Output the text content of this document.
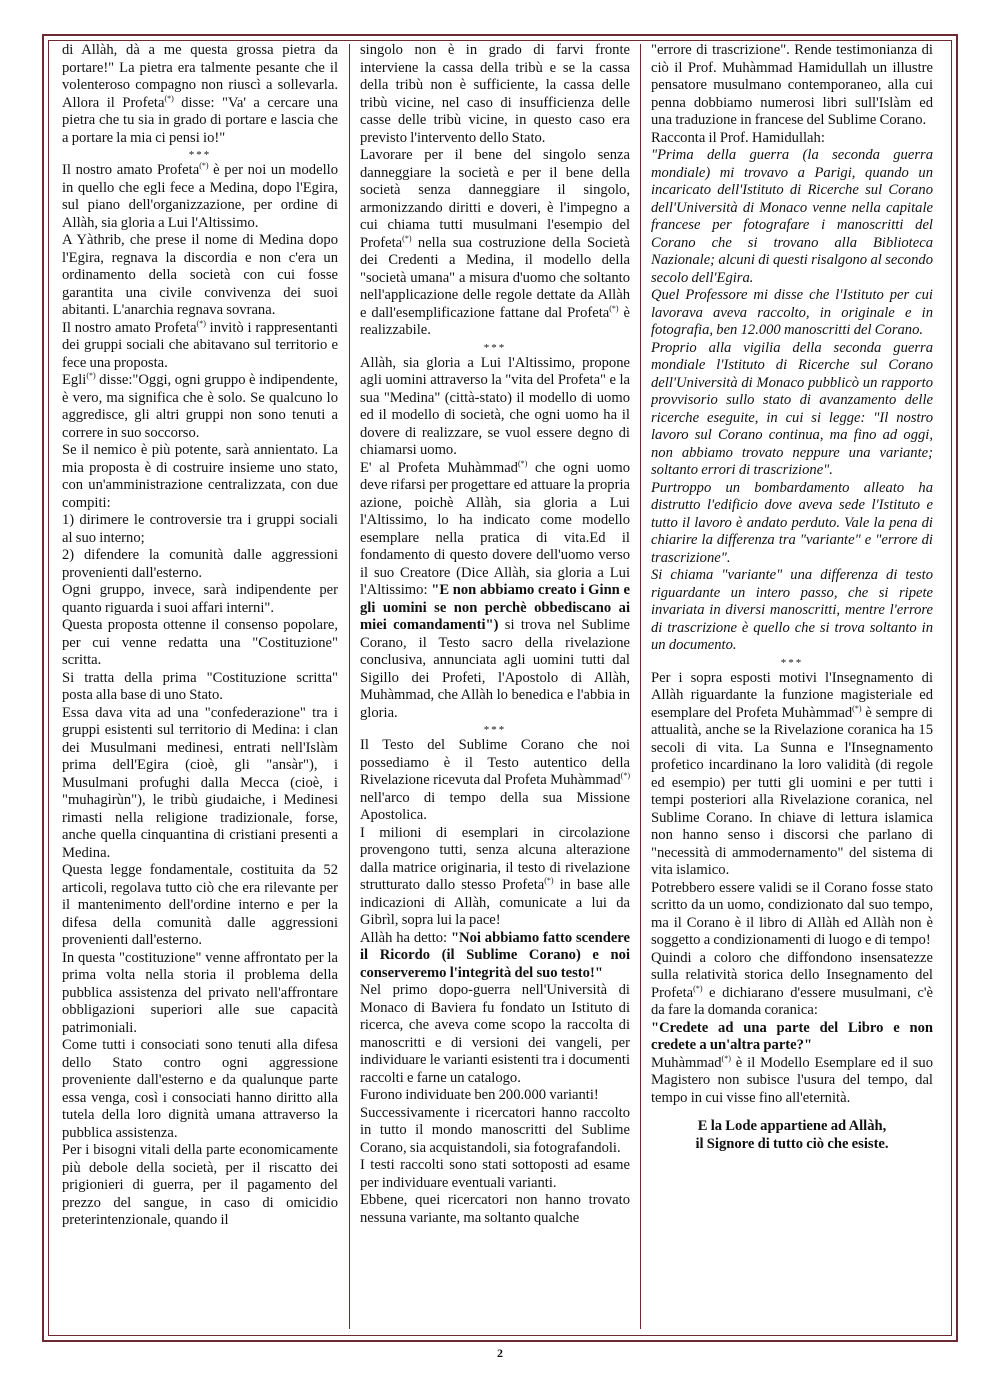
di Allàh, dà a me questa grossa pietra da portare!" La pietra era talmente pesante che il volenteroso compagno non riuscì a sollevarla. Allora il Profeta(*) disse: "Va' a cercare una pietra che tu sia in grado di portare e lascia che a portare la mia ci pensi io!"

***

Il nostro amato Profeta(*) è per noi un modello in quello che egli fece a Medina, dopo l'Egira, sul piano dell'organizzazione, per ordine di Allàh, sia gloria a Lui l'Altissimo.

A Yàthrib, che prese il nome di Medina dopo l'Egira, regnava la discordia e non c'era un ordinamento della società con cui fosse garantita una civile convivenza dei suoi abitanti. L'anarchia regnava sovrana.

Il nostro amato Profeta(*) invitò i rappresentanti dei gruppi sociali che abitavano sul territorio e fece una proposta.

Egli(*) disse:"Oggi, ogni gruppo è indipendente, è vero, ma significa che è solo. Se qualcuno lo aggredisce, gli altri gruppi non sono tenuti a correre in suo soccorso.

Se il nemico è più potente, sarà annientato. La mia proposta è di costruire insieme uno stato, con un'amministrazione centralizzata, con due compiti:

1) dirimere le controversie tra i gruppi sociali al suo interno;

2) difendere la comunità dalle aggressioni provenienti dall'esterno.

Ogni gruppo, invece, sarà indipendente per quanto riguarda i suoi affari interni".

Questa proposta ottenne il consenso popolare, per cui venne redatta una "Costituzione" scritta.

Si tratta della prima "Costituzione scritta" posta alla base di uno Stato.

Essa dava vita ad una "confederazione" tra i gruppi esistenti sul territorio di Medina: i clan dei Musulmani medinesi, entrati nell'Islàm prima dell'Egira (cioè, gli "ansàr"), i Musulmani profughi dalla Mecca (cioè, i "muhagirùn"), le tribù giudaiche, i Medinesi rimasti nella religione tradizionale, forse, anche quella cinquantina di cristiani presenti a Medina.

Questa legge fondamentale, costituita da 52 articoli, regolava tutto ciò che era rilevante per il mantenimento dell'ordine interno e per la difesa della comunità dalle aggressioni provenienti dall'esterno.

In questa "costituzione" venne affrontato per la prima volta nella storia il problema della pubblica assistenza del privato nell'affrontare obbligazioni superiori alle sue capacità patrimoniali.

Come tutti i consociati sono tenuti alla difesa dello Stato contro ogni aggressione proveniente dall'esterno e da qualunque parte essa venga, così i consociati hanno diritto alla tutela della loro dignità umana attraverso la pubblica assistenza.

Per i bisogni vitali della parte economicamente più debole della società, per il riscatto dei prigionieri di guerra, per il pagamento del prezzo del sangue, in caso di omicidio preterintenzionale, quando il

singolo non è in grado di farvi fronte interviene la cassa della tribù e se la cassa della tribù non è sufficiente, la cassa delle tribù vicine, nel caso di insufficienza delle casse delle tribù vicine, in questo caso era previsto l'intervento dello Stato.

Lavorare per il bene del singolo senza danneggiare la società e per il bene della società senza danneggiare il singolo, armonizzando diritti e doveri, è l'impegno a cui chiama tutti musulmani l'esempio del Profeta(*) nella sua costruzione della Società dei Credenti a Medina, il modello della "società umana" a misura d'uomo che soltanto nell'applicazione delle regole dettate da Allàh e dall'esemplificazione fattane dal Profeta(*) è realizzabile.

***

Allàh, sia gloria a Lui l'Altissimo, propone agli uomini attraverso la "vita del Profeta" e la sua "Medina" (città-stato) il modello di uomo ed il modello di società, che ogni uomo ha il dovere di realizzare, se vuol essere degno di chiamarsi uomo.

E' al Profeta Muhàmmad(*) che ogni uomo deve rifarsi per progettare ed attuare la propria azione, poichè Allàh, sia gloria a Lui l'Altissimo, lo ha indicato come modello esemplare nella pratica di vita.Ed il fondamento di questo dovere dell'uomo verso il suo Creatore (Dice Allàh, sia gloria a Lui l'Altissimo: "E non abbiamo creato i Ginn e gli uomini se non perchè obbediscano ai miei comandamenti") si trova nel Sublime Corano, il Testo sacro della rivelazione conclusiva, annunciata agli uomini tutti dal Sigillo dei Profeti, l'Apostolo di Allàh, Muhàmmad, che Allàh lo benedica e l'abbia in gloria.

***

Il Testo del Sublime Corano che noi possediamo è il Testo autentico della Rivelazione ricevuta dal Profeta Muhàmmad(*) nell'arco di tempo della sua Missione Apostolica.

I milioni di esemplari in circolazione provengono tutti, senza alcuna alterazione dalla matrice originaria, il testo di rivelazione strutturato dallo stesso Profeta(*) in base alle indicazioni di Allàh, comunicate a lui da Gibrìl, sopra lui la pace!

Allàh ha detto: "Noi abbiamo fatto scendere il Ricordo (il Sublime Corano) e noi conserveremo l'integrità del suo testo!"

Nel primo dopo-guerra nell'Università di Monaco di Baviera fu fondato un Istituto di ricerca, che aveva come scopo la raccolta di manoscritti e di versioni dei vangeli, per individuare le varianti esistenti tra i documenti raccolti e farne un catalogo.

Furono individuate ben 200.000 varianti!

Successivamente i ricercatori hanno raccolto in tutto il mondo manoscritti del Sublime Corano, sia acquistandoli, sia fotografandoli.

I testi raccolti sono stati sottoposti ad esame per individuare eventuali varianti.

Ebbene, quei ricercatori non hanno trovato nessuna variante, ma soltanto qualche

"errore di trascrizione". Rende testimonianza di ciò il Prof. Muhàmmad Hamidullah un illustre pensatore musulmano contemporaneo, alla cui penna dobbiamo numerosi libri sull'Islàm ed una traduzione in francese del Sublime Corano.

Racconta il Prof. Hamidullah:

"Prima della guerra (la seconda guerra mondiale) mi trovavo a Parigi, quando un incaricato dell'Istituto di Ricerche sul Corano dell'Università di Monaco venne nella capitale francese per fotografare i manoscritti del Corano che si trovano alla Biblioteca Nazionale; alcuni di questi risalgono al secondo secolo dell'Egira.

Quel Professore mi disse che l'Istituto per cui lavorava aveva raccolto, in originale e in fotografia, ben 12.000 manoscritti del Corano.

Proprio alla vigilia della seconda guerra mondiale l'Istituto di Ricerche sul Corano dell'Università di Monaco pubblicò un rapporto provvisorio sullo stato di avanzamento delle ricerche eseguite, in cui si legge: "Il nostro lavoro sul Corano continua, ma fino ad oggi, non abbiamo trovato neppure una variante; soltanto errori di trascrizione".

Purtroppo un bombardamento alleato ha distrutto l'edificio dove aveva sede l'Istituto e tutto il lavoro è andato perduto. Vale la pena di chiarire la differenza tra "variante" e "errore di trascrizione".

Si chiama "variante" una differenza di testo riguardante un intero passo, che si ripete invariata in diversi manoscritti, mentre l'errore di trascrizione è quello che si trova soltanto in un documento.

***

Per i sopra esposti motivi l'Insegnamento di Allàh riguardante la funzione magisteriale ed esemplare del Profeta Muhàmmad(*) è sempre di attualità, anche se la Rivelazione coranica ha 15 secoli di vita. La Sunna e l'Insegnamento profetico incardinano la loro validità (di regole ed esempio) per tutti gli uomini e per tutti i tempi posteriori alla Rivelazione coranica, nel Sublime Corano. In chiave di lettura islamica non hanno senso i discorsi che parlano di "necessità di ammodernamento" del sistema di vita islamico.

Potrebbero essere validi se il Corano fosse stato scritto da un uomo, condizionato dal suo tempo, ma il Corano è il libro di Allàh ed Allàh non è soggetto a condizionamenti di luogo e di tempo!

Quindi a coloro che diffondono insensatezze sulla relatività storica dello Insegnamento del Profeta(*) e dichiarano d'essere musulmani, c'è da fare la domanda coranica:

"Credete ad una parte del Libro e non credete a un'altra parte?"

Muhàmmad(*) è il Modello Esemplare ed il suo Magistero non subisce l'usura del tempo, dal tempo in cui visse fino all'eternità.

E la Lode appartiene ad Allàh,
il Signore di tutto ciò che esiste.
2
